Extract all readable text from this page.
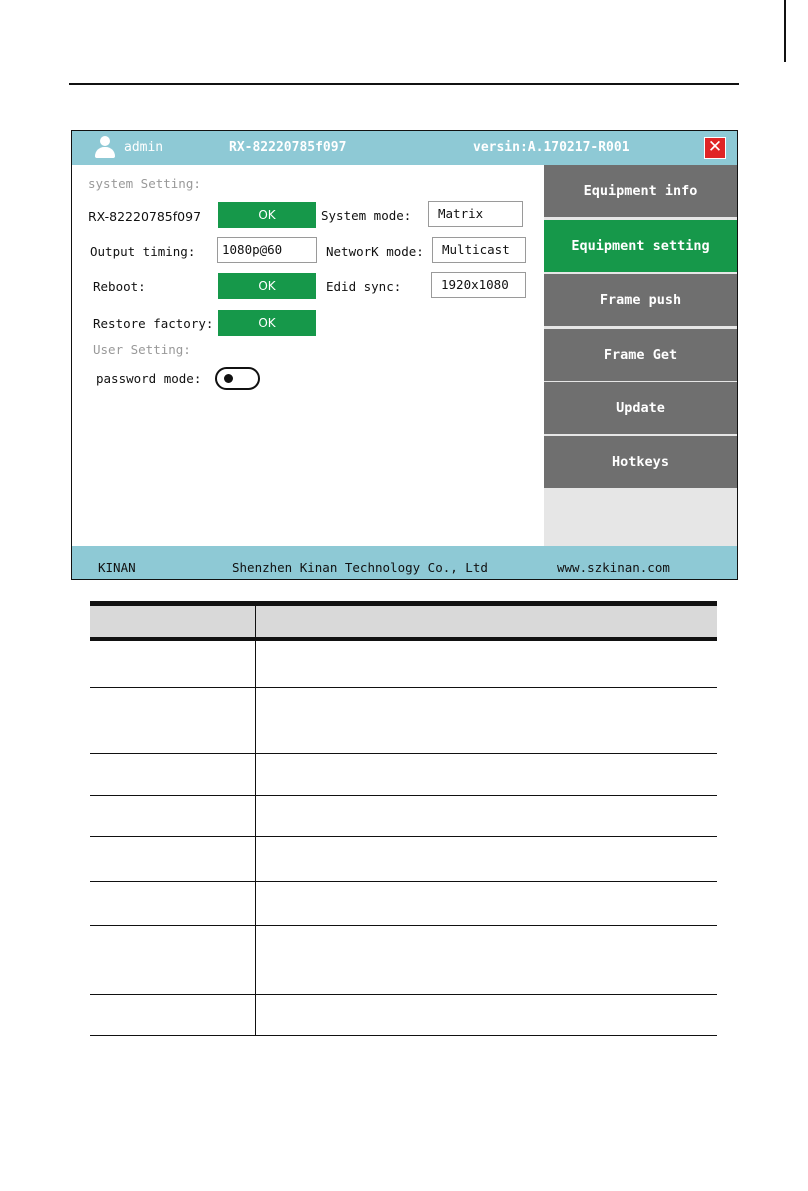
admin	RX-82220785f097	versin:A.170217-R001	✕
system Setting:
RX-82220785f097	OK	System mode:	Matrix
Output timing:	1080p@60	NetworK mode:	Multicast
Reboot:	OK	Edid sync:	1920x1080
Restore factory:	OK
User Setting:
password mode:
Equipment info
Equipment setting
Frame push
Frame Get
Update
Hotkeys
KINAN	Shenzhen Kinan Technology Co., Ltd	www.szkinan.com
